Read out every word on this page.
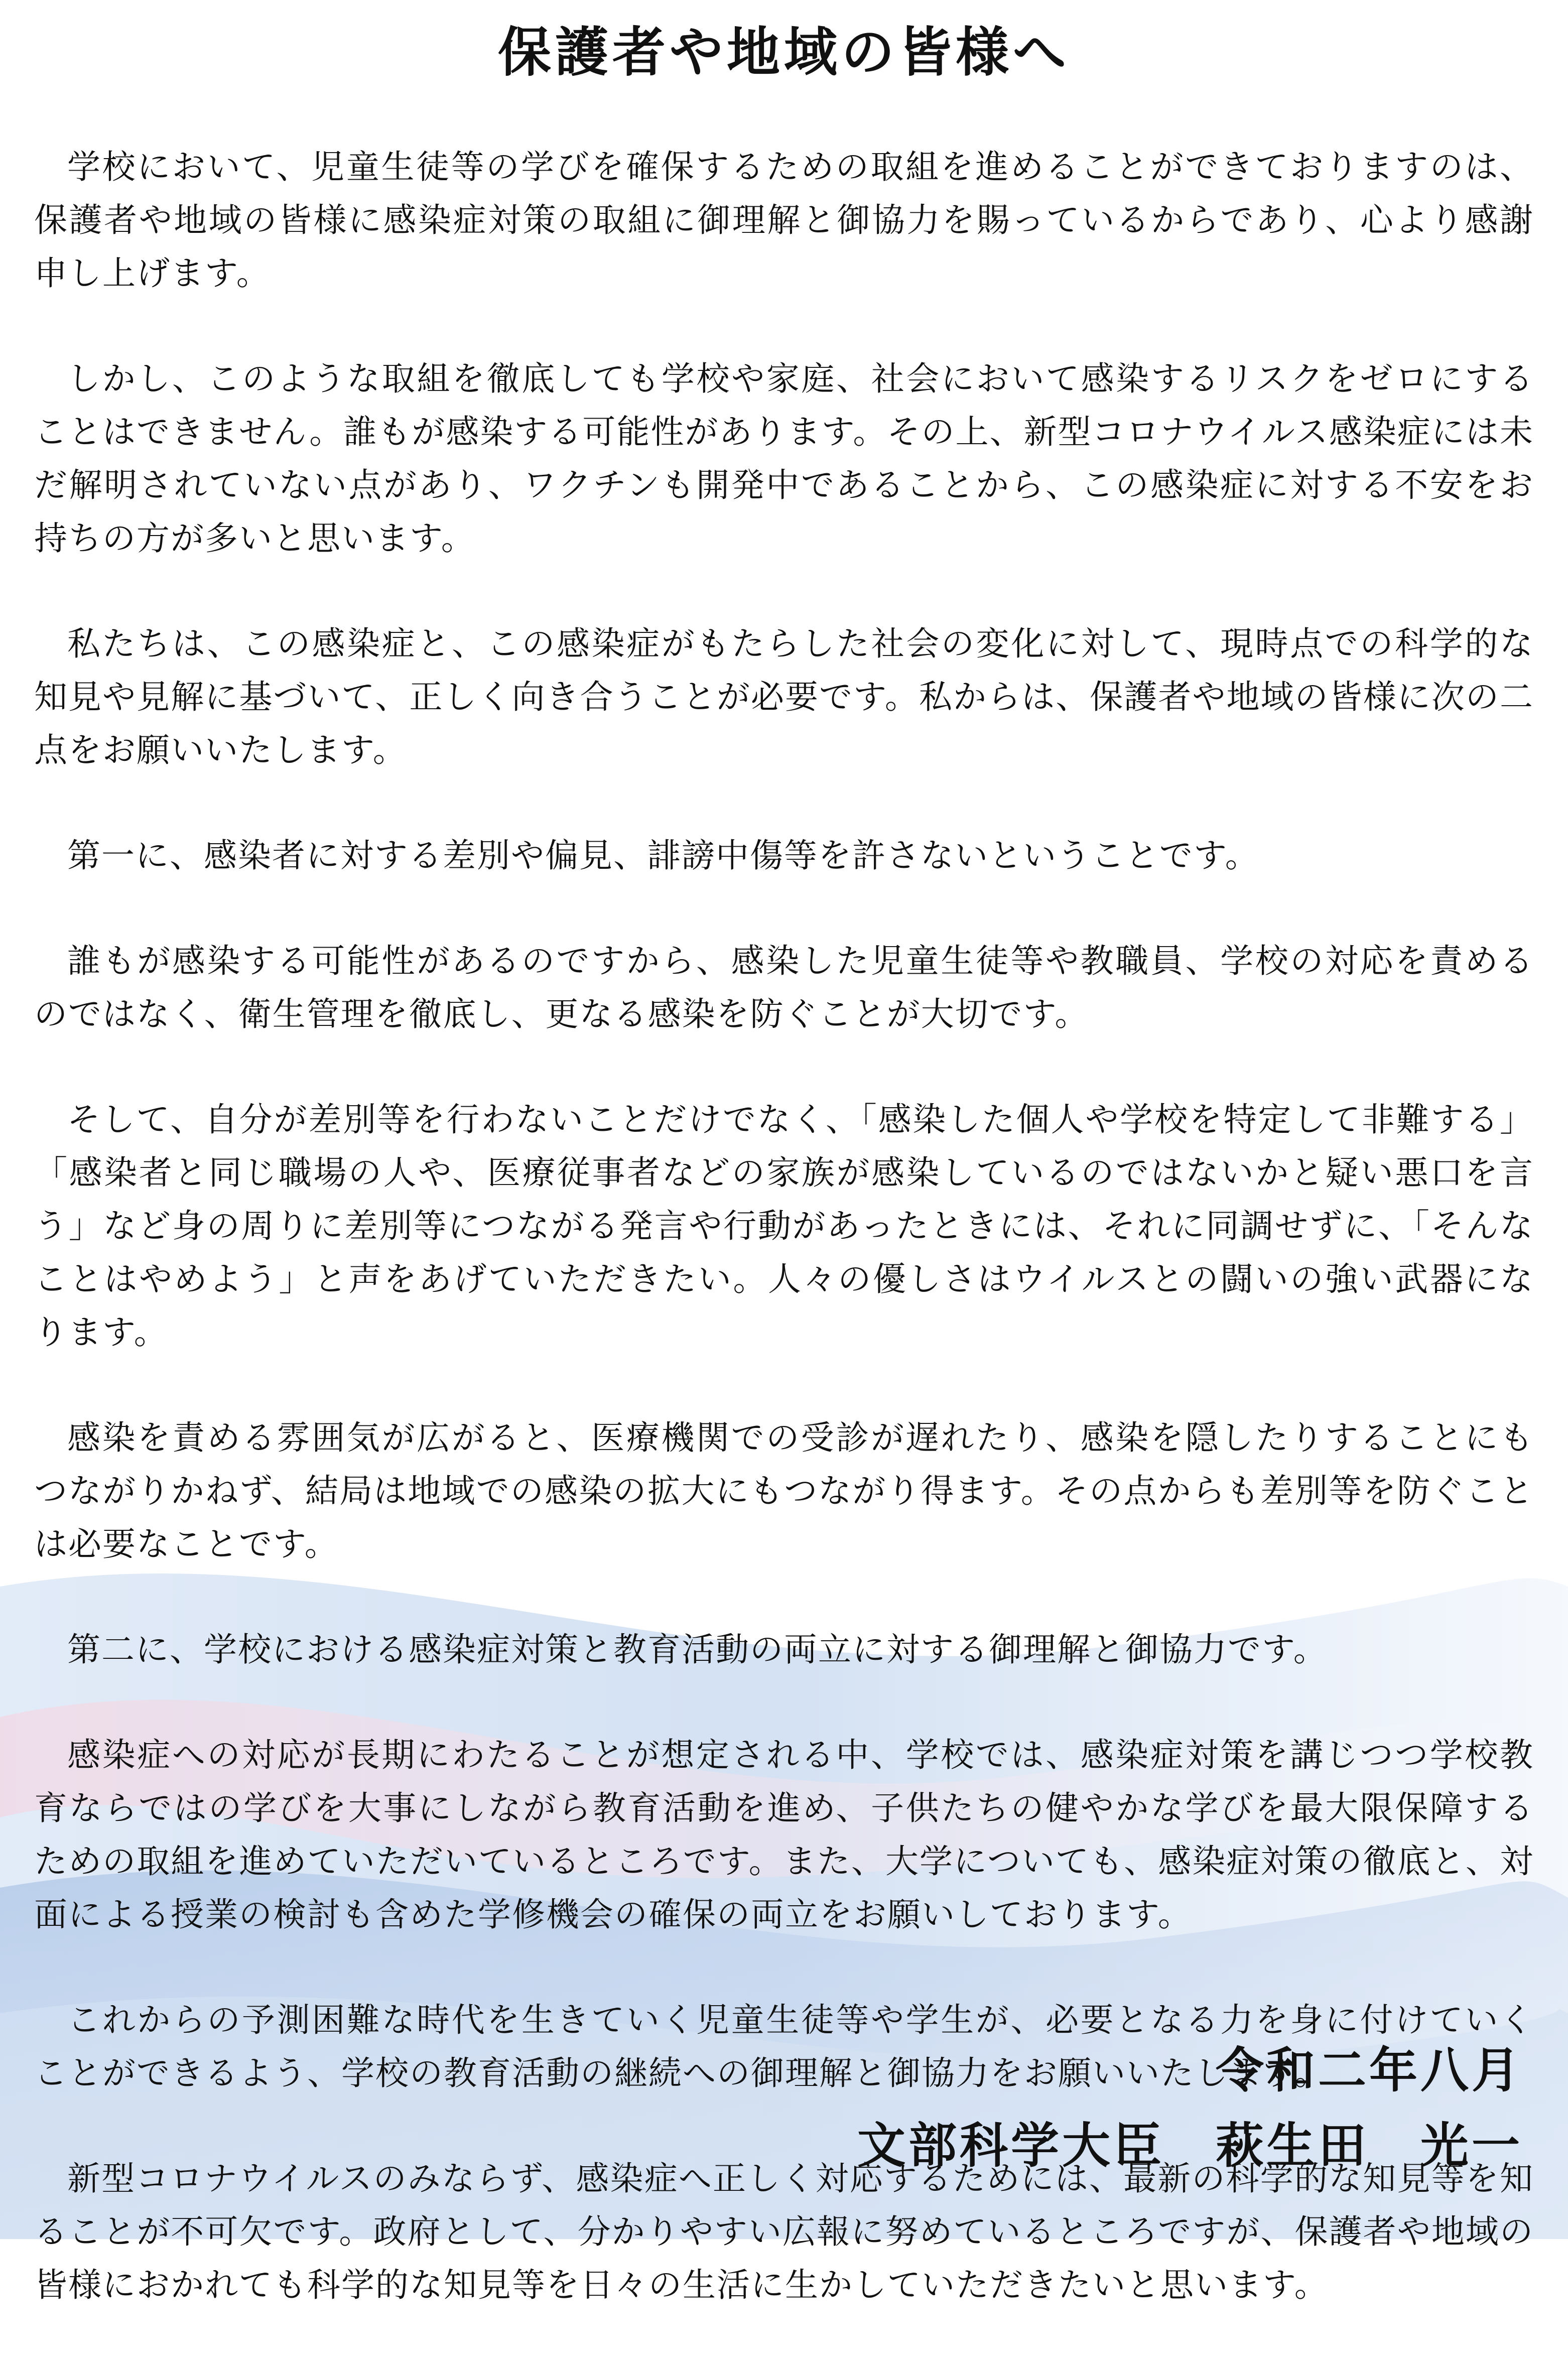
保護者や地域の皆様へ

学校において、児童生徒等の学びを確保するための取組を進めることができておりますのは、保護者や地域の皆様に感染症対策の取組に御理解と御協力を賜っているからであり、心より感謝申し上げます。

しかし、このような取組を徹底しても学校や家庭、社会において感染するリスクをゼロにすることはできません。誰もが感染する可能性があります。その上、新型コロナウイルス感染症には未だ解明されていない点があり、ワクチンも開発中であることから、この感染症に対する不安をお持ちの方が多いと思います。

私たちは、この感染症と、この感染症がもたらした社会の変化に対して、現時点での科学的な知見や見解に基づいて、正しく向き合うことが必要です。私からは、保護者や地域の皆様に次の二点をお願いいたします。

第一に、感染者に対する差別や偏見、誹謗中傷等を許さないということです。

誰もが感染する可能性があるのですから、感染した児童生徒等や教職員、学校の対応を責めるのではなく、衛生管理を徹底し、更なる感染を防ぐことが大切です。

そして、自分が差別等を行わないことだけでなく、「感染した個人や学校を特定して非難する」「感染者と同じ職場の人や、医療従事者などの家族が感染しているのではないかと疑い悪口を言う」など身の周りに差別等につながる発言や行動があったときには、それに同調せずに、「そんなことはやめよう」と声をあげていただきたい。人々の優しさはウイルスとの闘いの強い武器になります。

感染を責める雰囲気が広がると、医療機関での受診が遅れたり、感染を隠したりすることにもつながりかねず、結局は地域での感染の拡大にもつながり得ます。その点からも差別等を防ぐことは必要なことです。

第二に、学校における感染症対策と教育活動の両立に対する御理解と御協力です。

感染症への対応が長期にわたることが想定される中、学校では、感染症対策を講じつつ学校教育ならではの学びを大事にしながら教育活動を進め、子供たちの健やかな学びを最大限保障するための取組を進めていただいているところです。また、大学についても、感染症対策の徹底と、対面による授業の検討も含めた学修機会の確保の両立をお願いしております。

これからの予測困難な時代を生きていく児童生徒等や学生が、必要となる力を身に付けていくことができるよう、学校の教育活動の継続への御理解と御協力をお願いいたします。

新型コロナウイルスのみならず、感染症へ正しく対応するためには、最新の科学的な知見等を知ることが不可欠です。政府として、分かりやすい広報に努めているところですが、保護者や地域の皆様におかれても科学的な知見等を日々の生活に生かしていただきたいと思います。

令和二年八月
文部科学大臣　萩生田　光一
